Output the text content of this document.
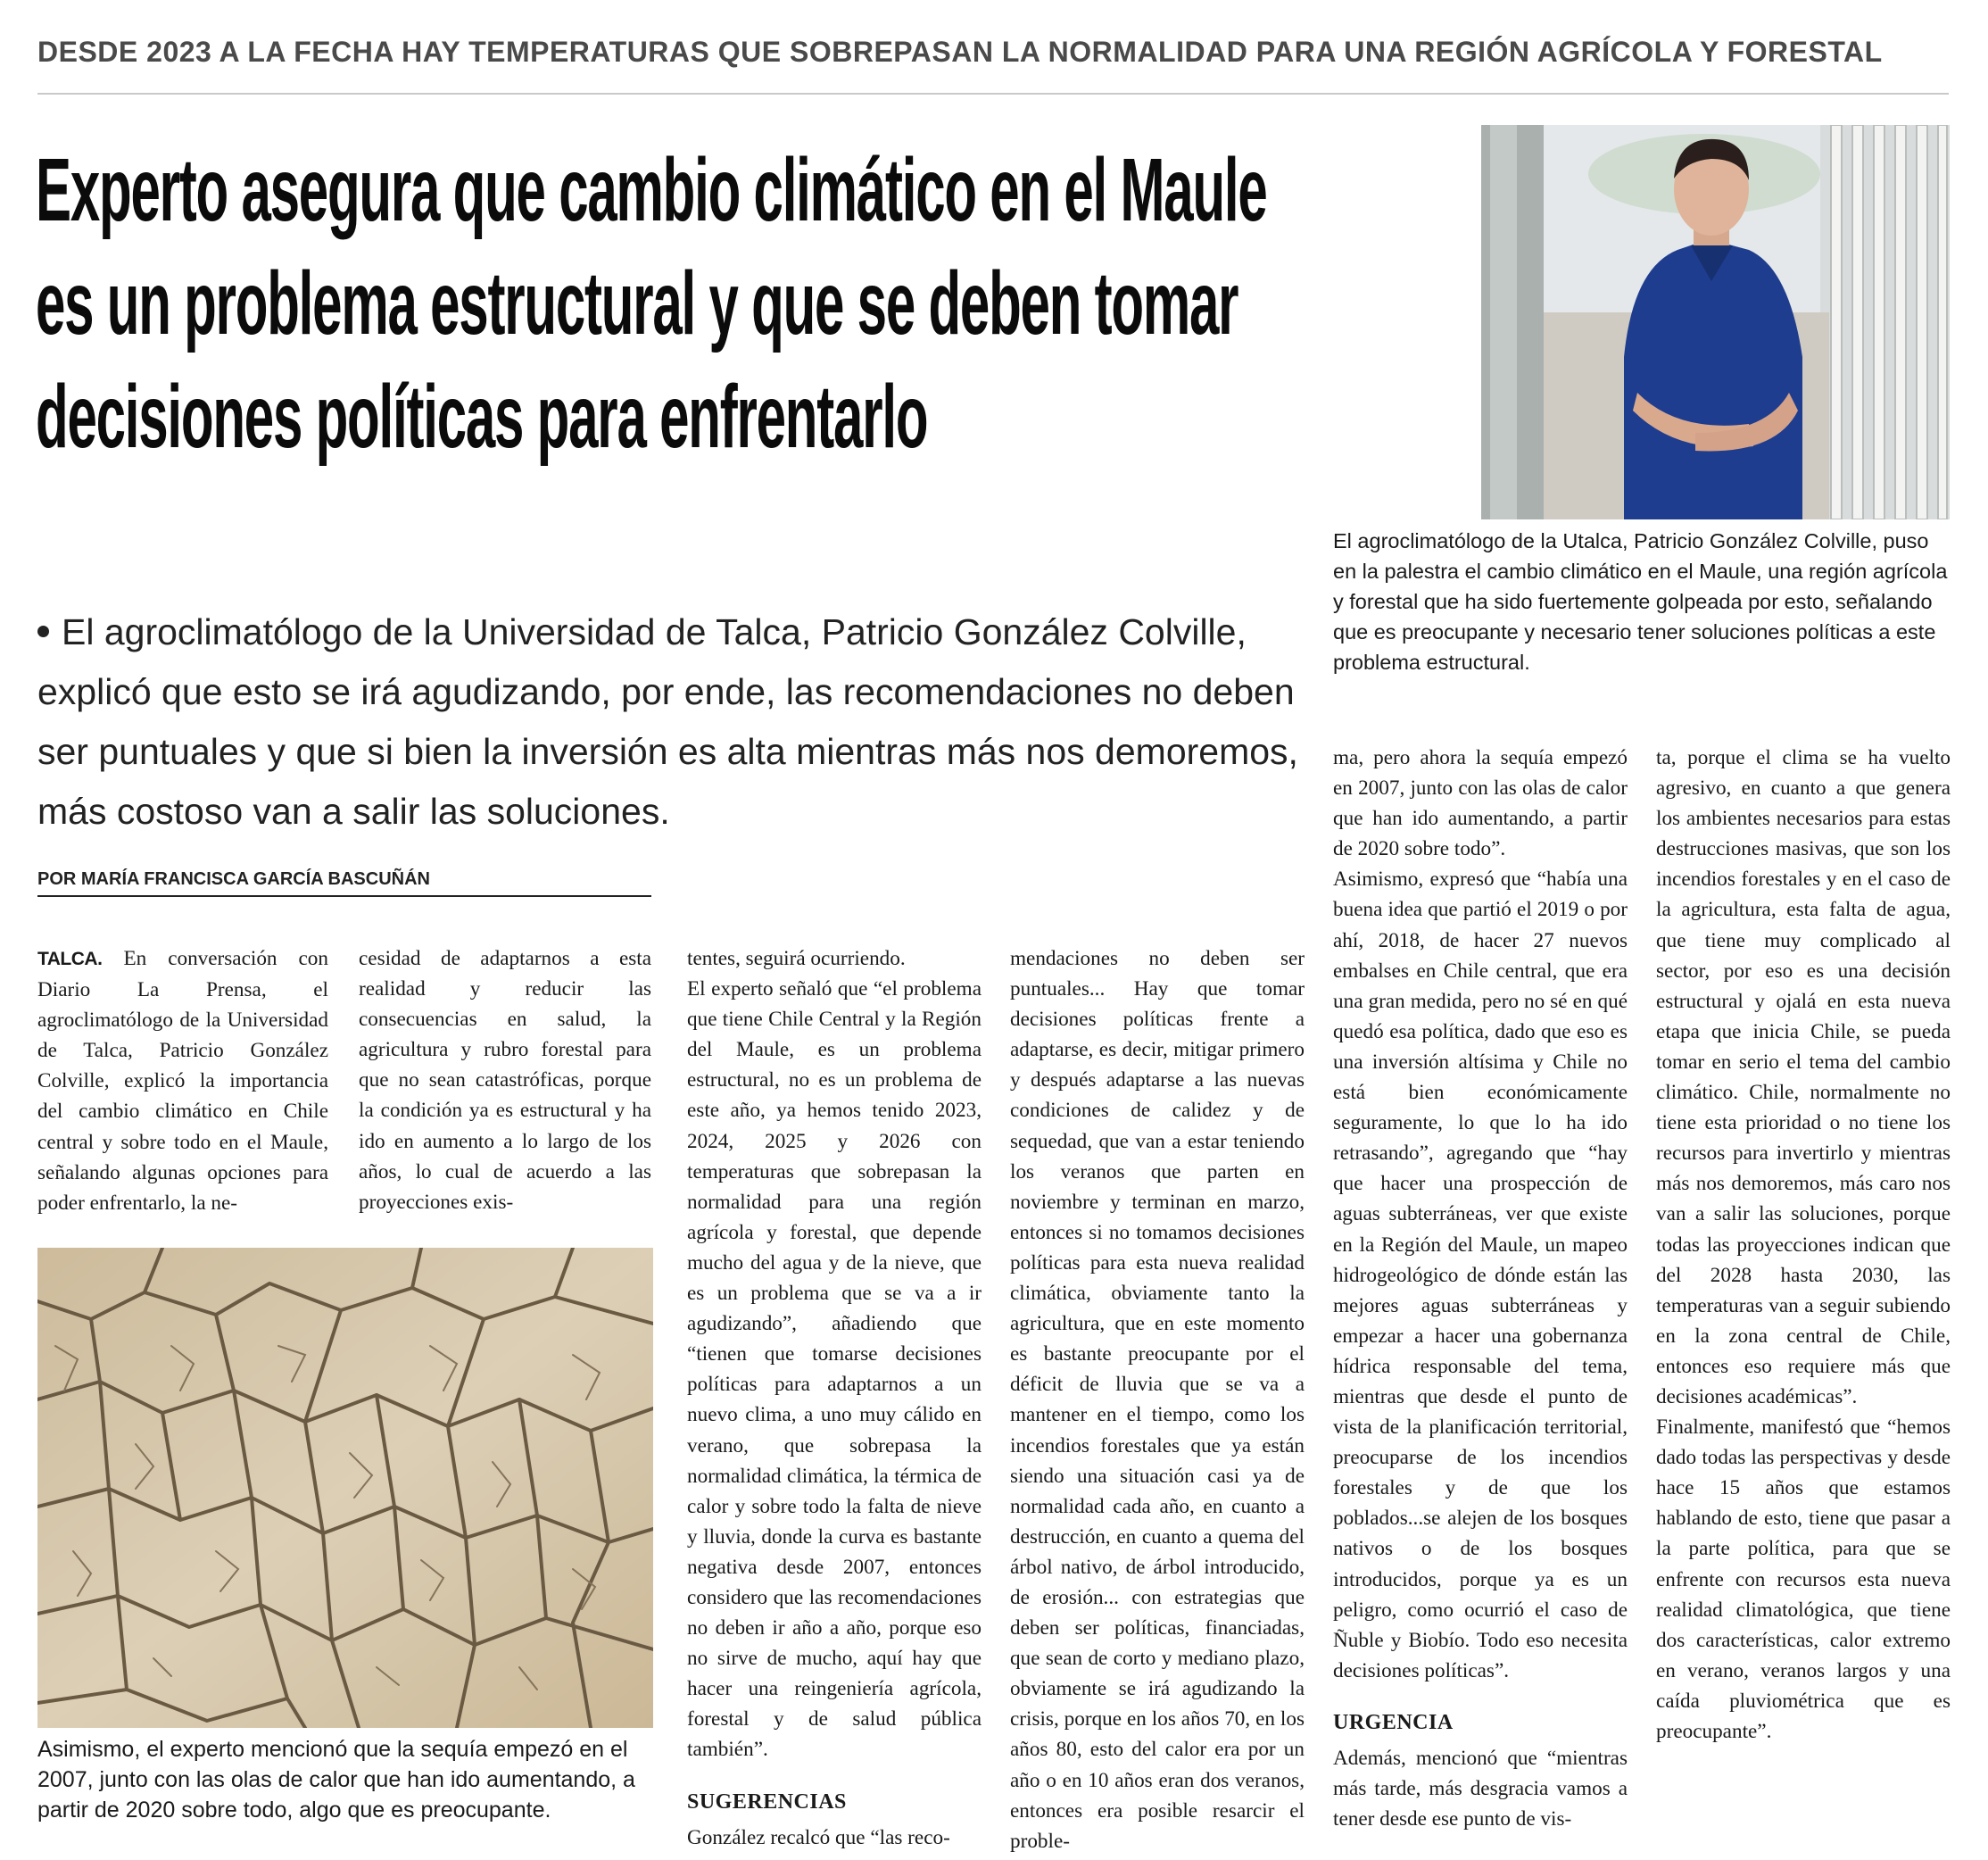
DESDE 2023 A LA FECHA HAY TEMPERATURAS QUE SOBREPASAN LA NORMALIDAD PARA UNA REGIÓN AGRÍCOLA Y FORESTAL
Experto asegura que cambio climático en el Maule
es un problema estructural y que se deben tomar
decisiones políticas para enfrentarlo
El agroclimatólogo de la Universidad de Talca, Patricio González Colville, explicó que esto se irá agudizando, por ende, las recomendaciones no deben ser puntuales y que si bien la inversión es alta mientras más nos demoremos, más costoso van a salir las soluciones.
POR MARÍA FRANCISCA GARCÍA BASCUÑÁN
El agroclimatólogo de la Utalca, Patricio González Colville, puso en la palestra el cambio climático en el Maule, una región agrícola y forestal que ha sido fuertemente golpeada por esto, señalando que es preocupante y necesario tener soluciones políticas a este problema estructural.
Asimismo, el experto mencionó que la sequía empezó en el 2007, junto con las olas de calor que han ido aumentando, a partir de 2020 sobre todo, algo que es preocupante.

TALCA. En conversación con Diario La Prensa, el agroclimatólogo de la Universidad de Talca, Patricio González Colville, explicó la importancia del cambio climático en Chile central y sobre todo en el Maule, señalando algunas opciones para poder enfrentarlo, la ne-

cesidad de adaptarnos a esta realidad y reducir las consecuencias en salud, la agricultura y rubro forestal para que no sean catastróficas, porque la condición ya es estructural y ha ido en aumento a lo largo de los años, lo cual de acuerdo a las proyecciones exis-

tentes, seguirá ocurriendo.

El experto señaló que “el problema que tiene Chile Central y la Región del Maule, es un problema estructural, no es un problema de este año, ya hemos tenido 2023, 2024, 2025 y 2026 con temperaturas que sobrepasan la normalidad para una región agrícola y forestal, que depende mucho del agua y de la nieve, que es un problema que se va a ir agudizando”, añadiendo que “tienen que tomarse decisiones políticas para adaptarnos a un nuevo clima, a uno muy cálido en verano, que sobrepasa la normalidad climática, la térmica de calor y sobre todo la falta de nieve y lluvia, donde la curva es bastante negativa desde 2007, entonces considero que las recomendaciones no deben ir año a año, porque eso no sirve de mucho, aquí hay que hacer una reingeniería agrícola, forestal y de salud pública también”.

SUGERENCIAS

González recalcó que “las reco-

mendaciones no deben ser puntuales... Hay que tomar decisiones políticas frente a adaptarse, es decir, mitigar primero y después adaptarse a las nuevas condiciones de calidez y de sequedad, que van a estar teniendo los veranos que parten en noviembre y terminan en marzo, entonces si no tomamos decisiones políticas para esta nueva realidad climática, obviamente tanto la agricultura, que en este momento es bastante preocupante por el déficit de lluvia que se va a mantener en el tiempo, como los incendios forestales que ya están siendo una situación casi ya de normalidad cada año, en cuanto a destrucción, en cuanto a quema del árbol nativo, de árbol introducido, de erosión... con estrategias que deben ser políticas, financiadas, que sean de corto y mediano plazo, obviamente se irá agudizando la crisis, porque en los años 70, en los años 80, esto del calor era por un año o en 10 años eran dos veranos, entonces era posible resarcir el proble-

ma, pero ahora la sequía empezó en 2007, junto con las olas de calor que han ido aumentando, a partir de 2020 sobre todo”.

Asimismo, expresó que “había una buena idea que partió el 2019 o por ahí, 2018, de hacer 27 nuevos embalses en Chile central, que era una gran medida, pero no sé en qué quedó esa política, dado que eso es una inversión altísima y Chile no está bien económicamente seguramente, lo que lo ha ido retrasando”, agregando que “hay que hacer una prospección de aguas subterráneas, ver que existe en la Región del Maule, un mapeo hidrogeológico de dónde están las mejores aguas subterráneas y empezar a hacer una gobernanza hídrica responsable del tema, mientras que desde el punto de vista de la planificación territorial, preocuparse de los incendios forestales y de que los poblados...se alejen de los bosques nativos o de los bosques introducidos, porque ya es un peligro, como ocurrió el caso de Ñuble y Biobío. Todo eso necesita decisiones políticas”.

URGENCIA

Además, mencionó que “mientras más tarde, más desgracia vamos a tener desde ese punto de vis-

ta, porque el clima se ha vuelto agresivo, en cuanto a que genera los ambientes necesarios para estas destrucciones masivas, que son los incendios forestales y en el caso de la agricultura, esta falta de agua, que tiene muy complicado al sector, por eso es una decisión estructural y ojalá en esta nueva etapa que inicia Chile, se pueda tomar en serio el tema del cambio climático. Chile, normalmente no tiene esta prioridad o no tiene los recursos para invertirlo y mientras más nos demoremos, más caro nos van a salir las soluciones, porque todas las proyecciones indican que del 2028 hasta 2030, las temperaturas van a seguir subiendo en la zona central de Chile, entonces eso requiere más que decisiones académicas”.

Finalmente, manifestó que “hemos dado todas las perspectivas y desde hace 15 años que estamos hablando de esto, tiene que pasar a la parte política, para que se enfrente con recursos esta nueva realidad climatológica, que tiene dos características, calor extremo en verano, veranos largos y una caída pluviométrica que es preocupante”.
